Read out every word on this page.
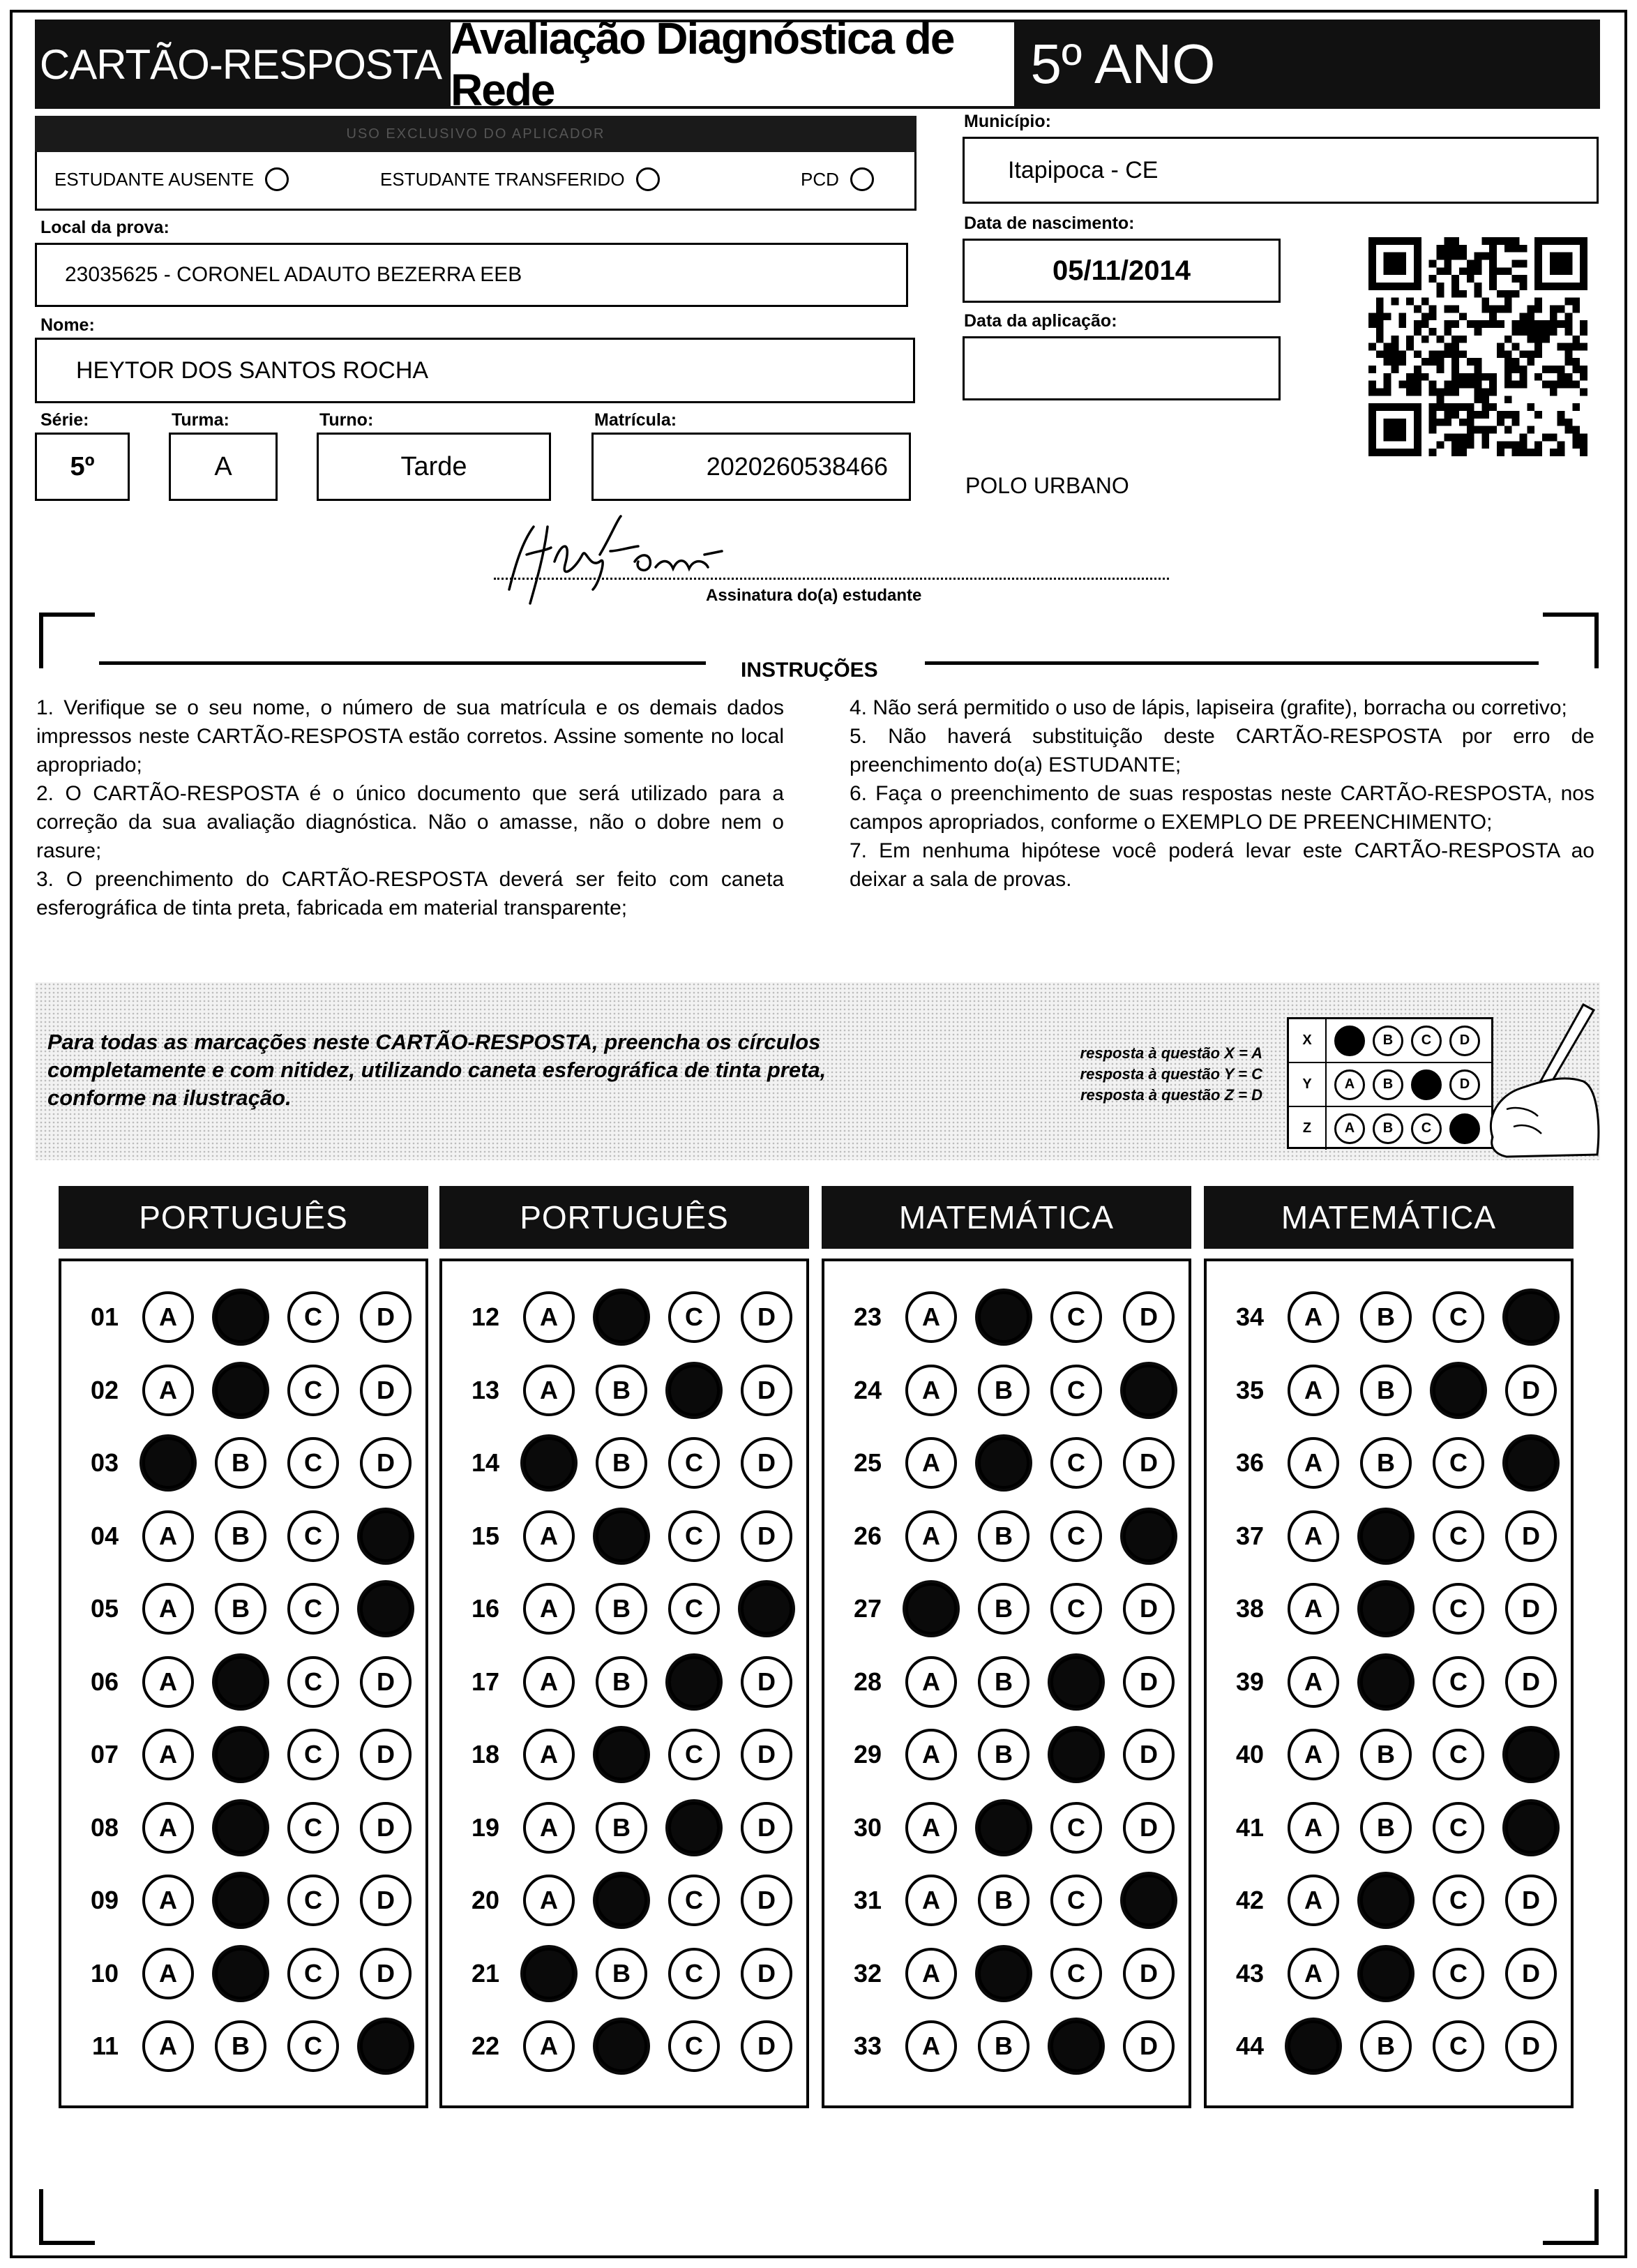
CARTÃO-RESPOSTA
Avaliação Diagnóstica de Rede	5º ANO
USO EXCLUSIVO DO APLICADOR
ESTUDANTE AUSENTE	ESTUDANTE TRANSFERIDO	PCD
Município:
Itapipoca - CE
Local da prova:
23035625 - CORONEL ADAUTO BEZERRA EEB
Data de nascimento:
05/11/2014
Data da aplicação:
Nome:
HEYTOR DOS SANTOS ROCHA
Série:
5º
Turma:
A
Turno:
Tarde
Matrícula:
2020260538466
POLO URBANO
Assinatura do(a) estudante
INSTRUÇÕES

1. Verifique se o seu nome, o número de sua matrícula e os demais dados impressos neste CARTÃO-RESPOSTA estão corretos. Assine somente no local apropriado;

2. O CARTÃO-RESPOSTA é o único documento que será utilizado para a correção da sua avaliação diagnóstica. Não o amasse, não o dobre nem o rasure;

3. O preenchimento do CARTÃO-RESPOSTA deverá ser feito com caneta esferográfica de tinta preta, fabricada em material transparente;

4. Não será permitido o uso de lápis, lapiseira (grafite), borracha ou corretivo;

5. Não haverá substituição deste CARTÃO-RESPOSTA por erro de preenchimento do(a) ESTUDANTE;

6. Faça o preenchimento de suas respostas neste CARTÃO-RESPOSTA, nos campos apropriados, conforme o EXEMPLO DE PREENCHIMENTO;

7. Em nenhuma hipótese você poderá levar este CARTÃO-RESPOSTA ao deixar a sala de provas.

Para todas as marcações neste CARTÃO-RESPOSTA, preencha os círculos completamente e com nitidez, utilizando caneta esferográfica de tinta preta, conforme na ilustração.
resposta à questão X = A
resposta à questão Y = C
resposta à questão Z = D
X	B	C	D
Y	A	B	D
Z	A	B	C
PORTUGUÊS
01	A	C	D
02	A	C	D
03	B	C	D
04	A	B	C
05	A	B	C
06	A	C	D
07	A	C	D
08	A	C	D
09	A	C	D
10	A	C	D
11	A	B	C
PORTUGUÊS
12	A	C	D
13	A	B	D
14	B	C	D
15	A	C	D
16	A	B	C
17	A	B	D
18	A	C	D
19	A	B	D
20	A	C	D
21	B	C	D
22	A	C	D
MATEMÁTICA
23	A	C	D
24	A	B	C
25	A	C	D
26	A	B	C
27	B	C	D
28	A	B	D
29	A	B	D
30	A	C	D
31	A	B	C
32	A	C	D
33	A	B	D
MATEMÁTICA
34	A	B	C
35	A	B	D
36	A	B	C
37	A	C	D
38	A	C	D
39	A	C	D
40	A	B	C
41	A	B	C
42	A	C	D
43	A	C	D
44	B	C	D
